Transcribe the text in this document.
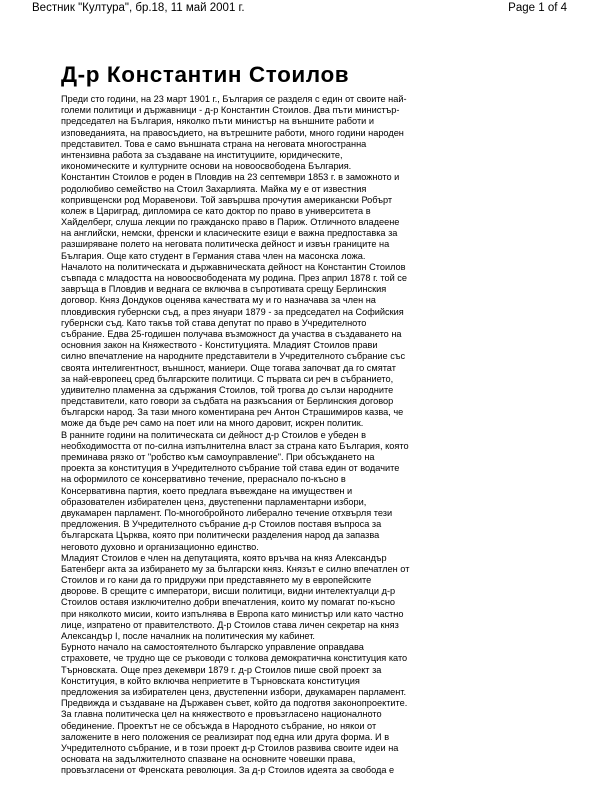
Вестник "Култура", бр.18, 11 май 2001 г.	Page 1 of 4
Д-р Константин Стоилов
Преди сто години, на 23 март 1901 г., България се разделя с един от своите най-
големи политици и държавници - д-р Константин Стоилов. Два пъти министър-
председател на България, няколко пъти министър на външните работи и
изповеданията, на правосъдието, на вътрешните работи, много години народен
представител. Това е само външната страна на неговата многостранна
интензивна работа за създаване на институциите, юридическите,
икономическите и културните основи на новоосвободена България.
Константин Стоилов е роден в Пловдив на 23 септември 1853 г. в заможното и
родолюбиво семейство на Стоил Захарлията. Майка му е от известния
копривщенски род Моравенови. Той завършва прочутия американски Робърт
колеж в Цариград, дипломира се като доктор по право в университета в
Хайделберг, слуша лекции по гражданско право в Париж. Отличното владеене
на английски, немски, френски и класическите езици е важна предпоставка за
разширяване полето на неговата политическа дейност и извън границите на
България. Още като студент в Германия става член на масонска ложа.
Началото на политическата и държавническата дейност на Константин Стоилов
съвпада с младостта на новоосвободената му родина. През април 1878 г. той се
завръща в Пловдив и веднага се включва в съпротивата срещу Берлинския
договор. Княз Дондуков оценява качествата му и го назначава за член на
пловдивския губернски съд, а през януари 1879 - за председател на Софийския
губернски съд. Като такъв той става депутат по право в Учредителното
събрание. Едва 25-годишен получава възможност да участва в създаването на
основния закон на Княжеството - Конституцията. Младият Стоилов прави
силно впечатление на народните представители в Учредителното събрание със
своята интелигентност, външност, маниери. Още тогава започват да го смятат
за най-европеец сред българските политици. С първата си реч в събранието,
удивително пламенна за сдържания Стоилов, той трогва до сълзи народните
представители, като говори за съдбата на разкъсания от Берлинския договор
български народ. За тази много коментирана реч Антон Страшимиров казва, че
може да бъде реч само на поет или на много даровит, искрен политик.
В ранните години на политическата си дейност д-р Стоилов е убеден в
необходимостта от по-силна изпълнителна власт за страна като България, която
преминава рязко от "робство към самоуправление". При обсъждането на
проекта за конституция в Учредителното събрание той става един от водачите
на оформилото се консервативно течение, прерасналo по-късно в
Консервативна партия, което предлага въвеждане на имуществен и
образователен избирателен ценз, двустепенни парламентарни избори,
двукамарен парламент. По-многобройното либерално течение отхвърля тези
предложения. В Учредителното събрание д-р Стоилов поставя въпроса за
българската Църква, която при политически разделения народ да запазва
неговото духовно и организационно единство.
Младият Стоилов е член на депутацията, която връчва на княз Александър
Батенберг акта за избирането му за български княз. Князът е силно впечатлен от
Стоилов и го кани да го придружи при представянето му в европейските
дворове. В срещите с императори, висши политици, видни интелектуалци д-р
Стоилов оставя изключително добри впечатления, които му помагат по-късно
при няколкото мисии, които изпълнява в Европа като министър или като частно
лице, изпратено от правителството. Д-р Стоилов става личен секретар на княз
Александър I, после началник на политическия му кабинет.
Бурното начало на самостоятелното българско управление оправдава
страховете, че трудно ще се ръководи с толкова демократична конституция като
Търновската. Още през декември 1879 г. д-р Стоилов пише свой проект за
Конституция, в който включва неприетите в Търновската конституция
предложения за избирателен ценз, двустепенни избори, двукамарен парламент.
Предвижда и създаване на Държавен съвет, който да подготвя законопроектите.
За главна политическа цел на княжеството е провъзгласено националното
обединение. Проектът не се обсъжда в Народното събрание, но някои от
заложените в него положения се реализират под една или друга форма. И в
Учредителното събрание, и в този проект д-р Стоилов развива своите идеи на
основата на задължителното спазване на основните човешки права,
провъзгласени от Френската революция. За д-р Стоилов идеята за свобода е
